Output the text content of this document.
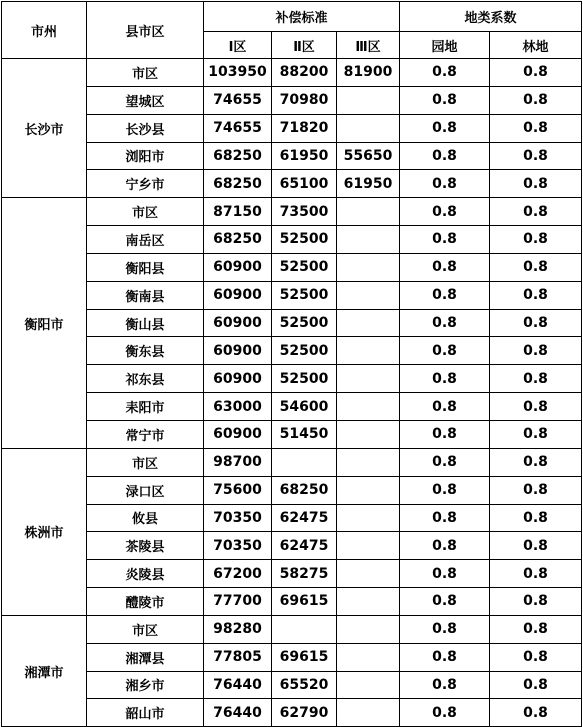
市州	县市区	补偿标准			地类系数	
		Ⅰ区	Ⅱ区	Ⅲ区	园地	林地
长沙市	市区	103950	88200	81900	0.8	0.8
	望城区	74655	70980		0.8	0.8
	长沙县	74655	71820		0.8	0.8
	浏阳市	68250	61950	55650	0.8	0.8
	宁乡市	68250	65100	61950	0.8	0.8
衡阳市	市区	87150	73500		0.8	0.8
	南岳区	68250	52500		0.8	0.8
	衡阳县	60900	52500		0.8	0.8
	衡南县	60900	52500		0.8	0.8
	衡山县	60900	52500		0.8	0.8
	衡东县	60900	52500		0.8	0.8
	祁东县	60900	52500		0.8	0.8
	耒阳市	63000	54600		0.8	0.8
	常宁市	60900	51450		0.8	0.8
株洲市	市区	98700			0.8	0.8
	渌口区	75600	68250		0.8	0.8
	攸县	70350	62475		0.8	0.8
	茶陵县	70350	62475		0.8	0.8
	炎陵县	67200	58275		0.8	0.8
	醴陵市	77700	69615		0.8	0.8
湘潭市	市区	98280			0.8	0.8
	湘潭县	77805	69615		0.8	0.8
	湘乡市	76440	65520		0.8	0.8
	韶山市	76440	62790		0.8	0.8
